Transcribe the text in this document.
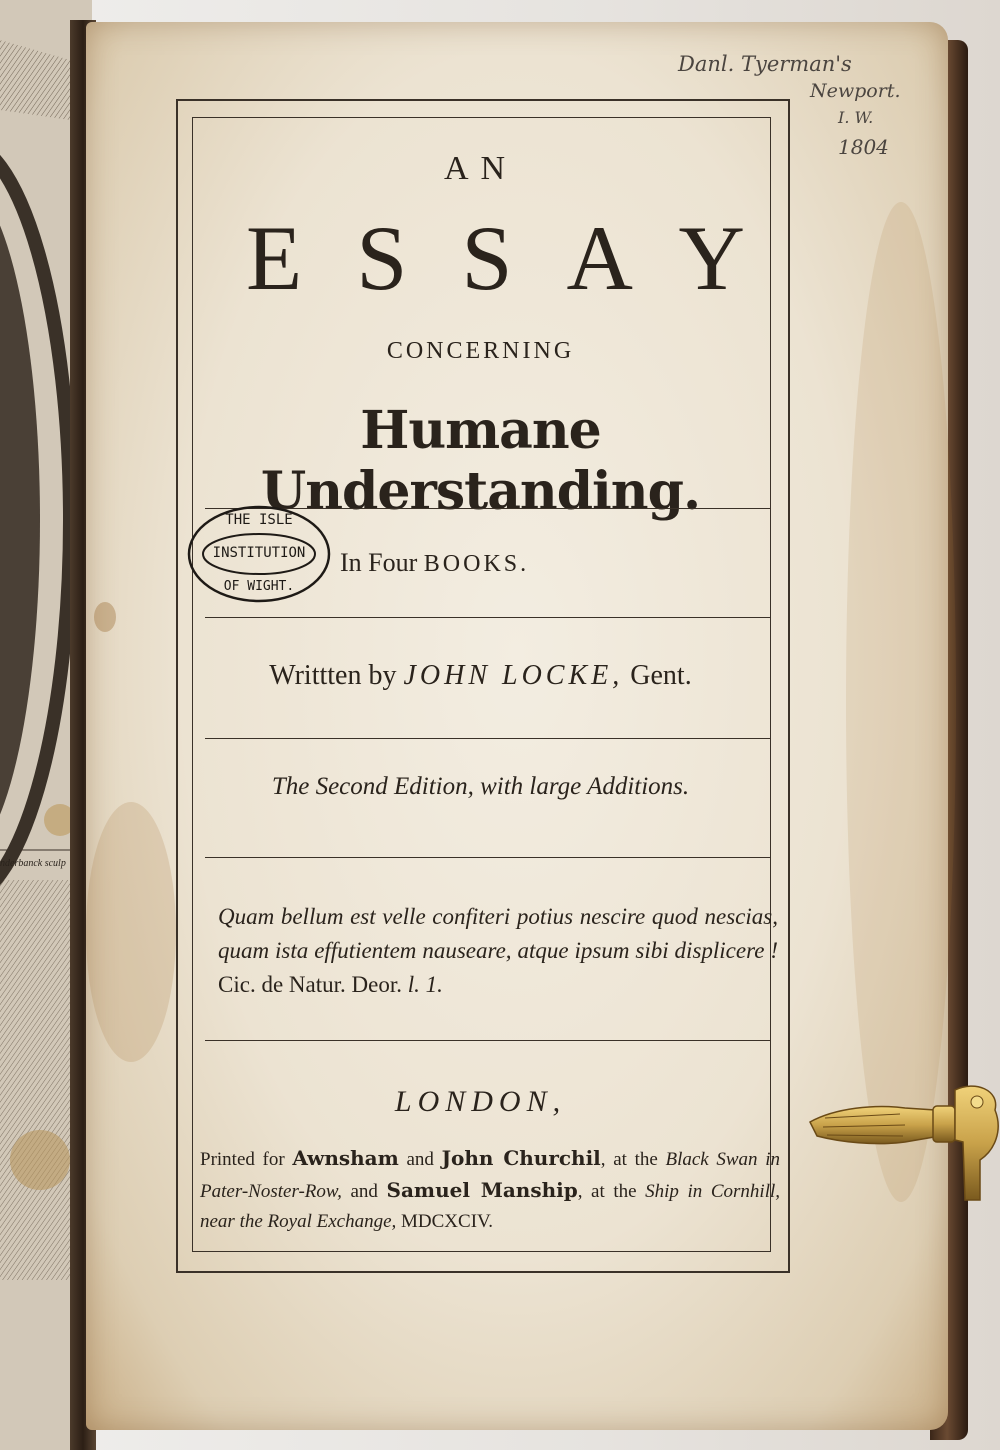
nderbanck sculp
AN
ESSAY
CONCERNING
Humane Understanding.
In Four BOOKS.
Writtten by JOHN LOCKE, Gent.
The Second Edition, with large Additions.
Quam bellum est velle confiteri potius nescire quod nescias, quam ista effutientem nauseare, atque ipsum sibi displicere ! Cic. de Natur. Deor. l. 1.
LONDON,
Printed for Awnsham and John Churchil, at the Black Swan in Pater-Noster-Row, and Samuel Manship, at the Ship in Cornhill, near the Royal Exchange, MDCXCIV.
THE ISLE
INSTITUTION
OF WIGHT.
Danl. Tyerman's
Newport.
I. W.
1804
